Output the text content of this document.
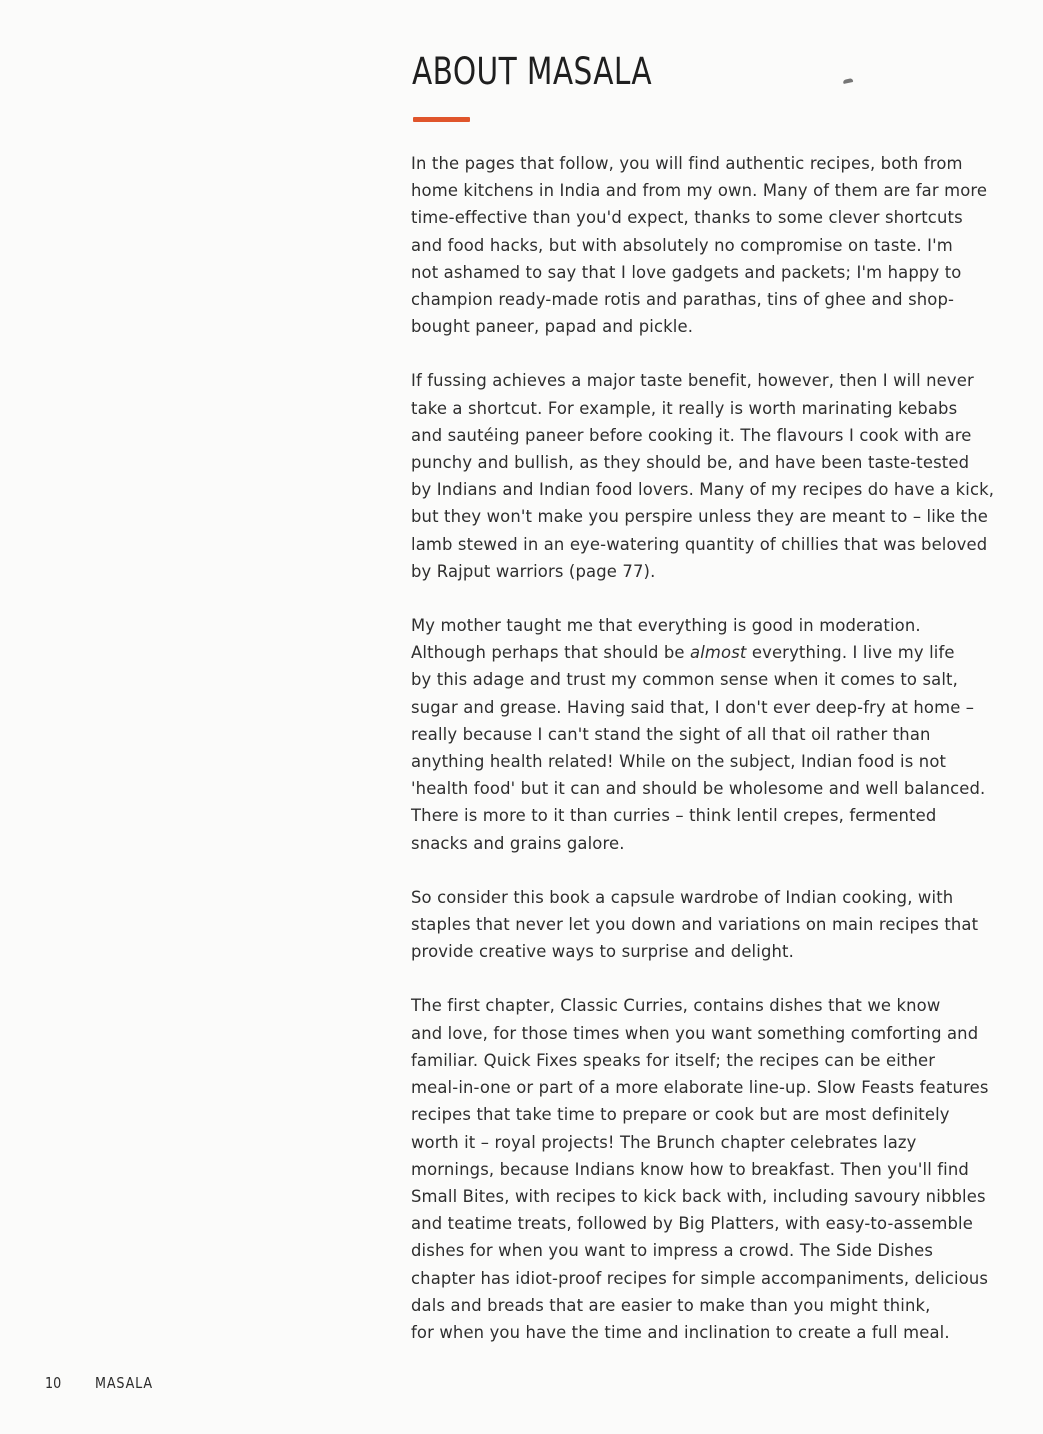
ABOUT MASALA

In the pages that follow, you will find authentic recipes, both from
home kitchens in India and from my own. Many of them are far more
time-effective than you'd expect, thanks to some clever shortcuts
and food hacks, but with absolutely no compromise on taste. I'm
not ashamed to say that I love gadgets and packets; I'm happy to
champion ready-made rotis and parathas, tins of ghee and shop-
bought paneer, papad and pickle.

If fussing achieves a major taste benefit, however, then I will never
take a shortcut. For example, it really is worth marinating kebabs
and sautéing paneer before cooking it. The flavours I cook with are
punchy and bullish, as they should be, and have been taste-tested
by Indians and Indian food lovers. Many of my recipes do have a kick,
but they won't make you perspire unless they are meant to – like the
lamb stewed in an eye-watering quantity of chillies that was beloved
by Rajput warriors (page 77).

My mother taught me that everything is good in moderation.
Although perhaps that should be almost everything. I live my life
by this adage and trust my common sense when it comes to salt,
sugar and grease. Having said that, I don't ever deep-fry at home –
really because I can't stand the sight of all that oil rather than
anything health related! While on the subject, Indian food is not
'health food' but it can and should be wholesome and well balanced.
There is more to it than curries – think lentil crepes, fermented
snacks and grains galore.

So consider this book a capsule wardrobe of Indian cooking, with
staples that never let you down and variations on main recipes that
provide creative ways to surprise and delight.

The first chapter, Classic Curries, contains dishes that we know
and love, for those times when you want something comforting and
familiar. Quick Fixes speaks for itself; the recipes can be either
meal-in-one or part of a more elaborate line-up. Slow Feasts features
recipes that take time to prepare or cook but are most definitely
worth it – royal projects! The Brunch chapter celebrates lazy
mornings, because Indians know how to breakfast. Then you'll find
Small Bites, with recipes to kick back with, including savoury nibbles
and teatime treats, followed by Big Platters, with easy-to-assemble
dishes for when you want to impress a crowd. The Side Dishes
chapter has idiot-proof recipes for simple accompaniments, delicious
dals and breads that are easier to make than you might think,
for when you have the time and inclination to create a full meal.

10 MASALA
